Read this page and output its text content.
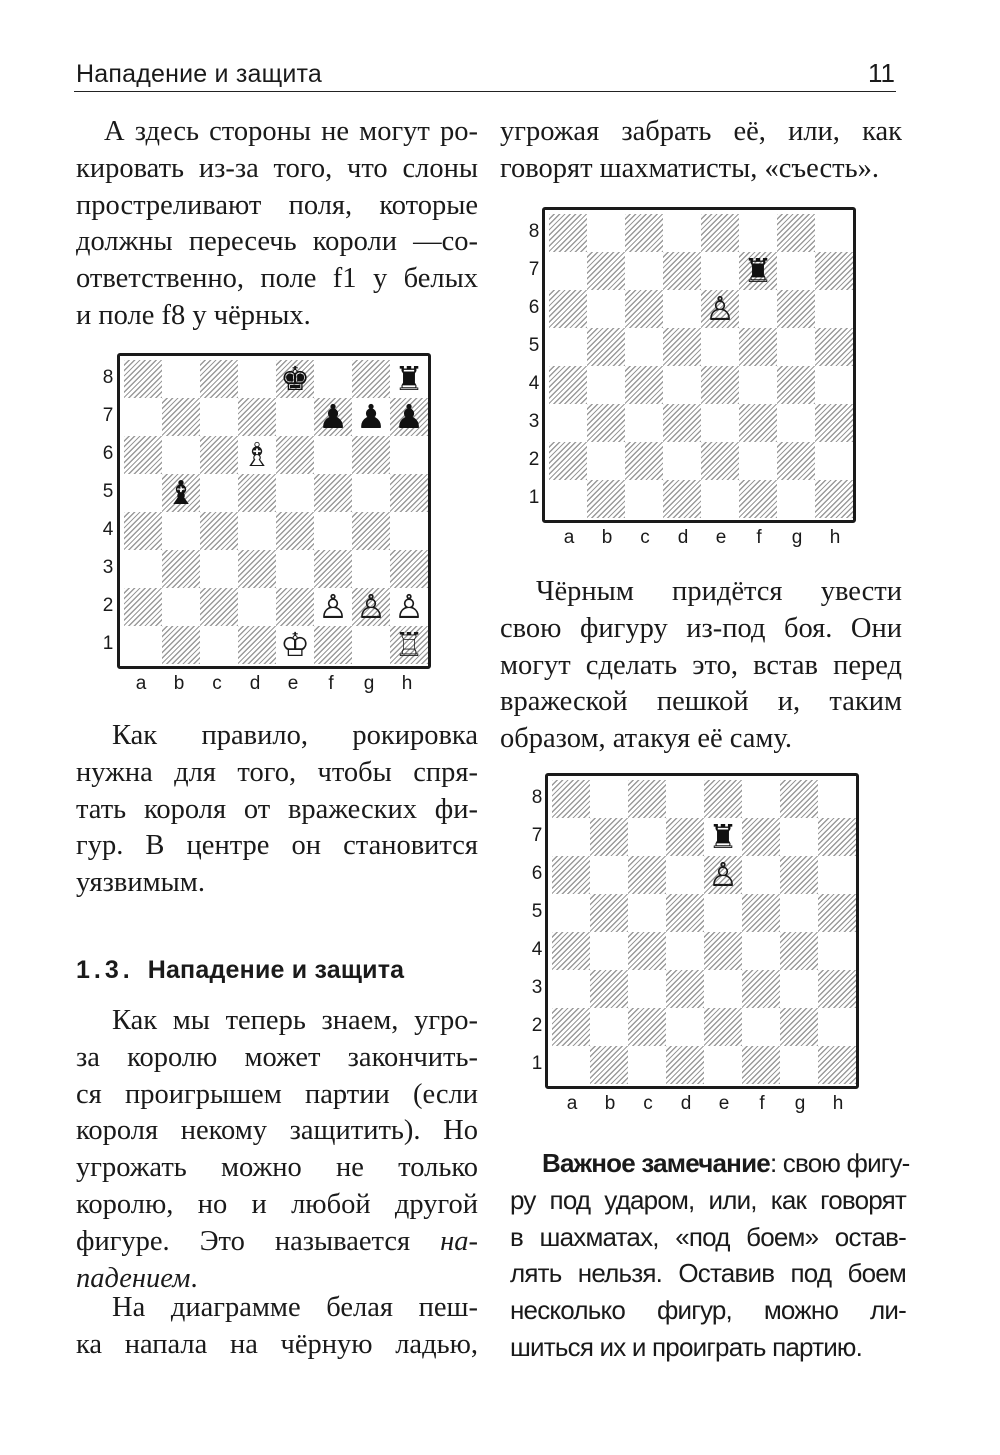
Нападение и защита	11

А здесь стороны не могут ро-
кировать из-за того, что слоны
простреливают поля, которые
должны пересечь короли —со-
ответственно, поле f1 у белых
и поле f8 у чёрных.

♚	♜
♟ ♟ ♟
♗
♝
♙ ♙ ♙
♔	♖

Как правило, рокировка
нужна для того, чтобы спря-
тать короля от вражеских фи-
гур. В центре он становится
уязвимым.

1.3. Нападение и защита

Как мы теперь знаем, угро-
за королю может закончить-
ся проигрышем партии (если
короля некому защитить). Но
угрожать можно не только
королю, но и любой другой
фигуре. Это называется на-
падением.

На диаграмме белая пеш-
ка напала на чёрную ладью,

угрожая забрать её, или, как
говорят шахматисты, «съесть».

♜
♙

Чёрным придётся увести
свою фигуру из-под боя. Они
могут сделать это, встав перед
вражеской пешкой и, таким
образом, атакуя её саму.

♜
♙

Важное замечание: свою фигу-
ру под ударом, или, как говорят
в шахматах, «под боем» остав-
лять нельзя. Оставив под боем
несколько фигур, можно ли-
шиться их и проиграть партию.

8
7
6
5
4
3
2
1
a	b	c	d	e	f	g	h
8
7
6
5
4
3
2
1
a	b	c	d	e	f	g	h
8
7
6
5
4
3
2
1
a	b	c	d	e	f	g	h
